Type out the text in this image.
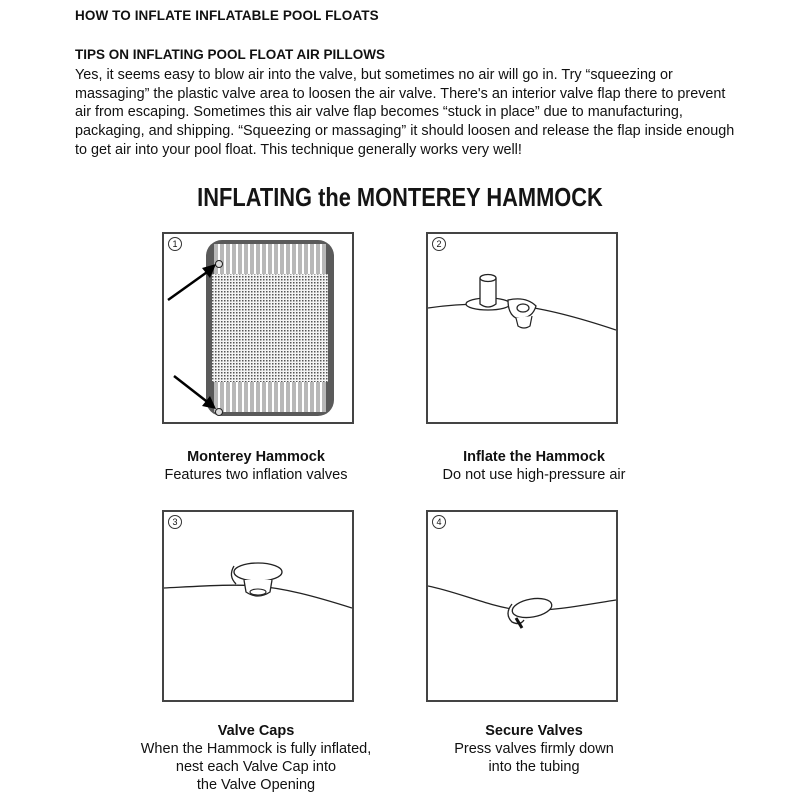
HOW TO INFLATE INFLATABLE POOL FLOATS
TIPS ON INFLATING POOL FLOAT AIR PILLOWS

Yes, it seems easy to blow air into the valve, but sometimes no air will go in. Try “squeezing or massaging” the plastic valve area to loosen the air valve. There's an interior valve flap there to prevent air from escaping. Sometimes this air valve flap becomes “stuck in place” due to manufacturing, packaging, and shipping. “Squeezing or massaging” it should loosen and release the flap inside enough to get air into your pool float. This technique generally works very well!

INFLATING the MONTEREY HAMMOCK
1
Monterey Hammock
Features two inflation valves
2
Inflate the Hammock
Do not use high-pressure air
3
Valve Caps
When the Hammock is fully inflated,
nest each Valve Cap into
the Valve Opening
4
Secure Valves
Press valves firmly down
into the tubing
